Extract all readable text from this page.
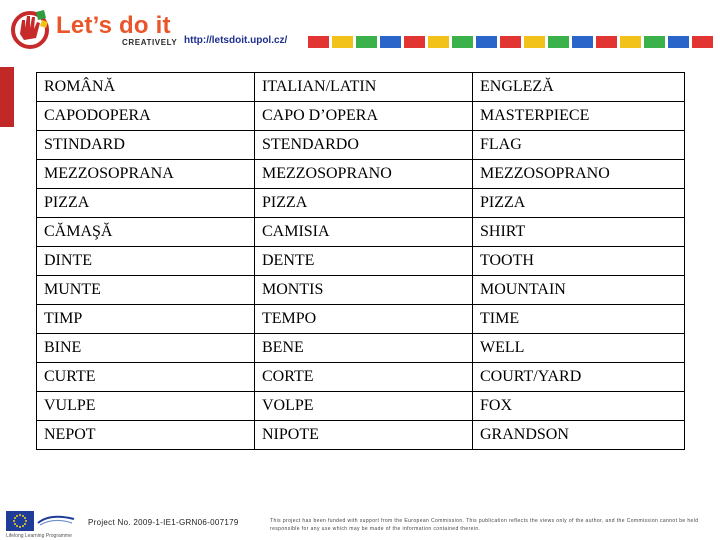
Let’s do it
CREATIVELY http://letsdoit.upol.cz/
ROMÂNĂ	ITALIAN/LATIN	ENGLEZĂ
CAPODOPERA	CAPO D’OPERA	MASTERPIECE
STINDARD	STENDARDO	FLAG
MEZZOSOPRANA	MEZZOSOPRANO	MEZZOSOPRANO
PIZZA	PIZZA	PIZZA
CĂMAŞĂ	CAMISIA	SHIRT
DINTE	DENTE	TOOTH
MUNTE	MONTIS	MOUNTAIN
TIMP	TEMPO	TIME
BINE	BENE	WELL
CURTE	CORTE	COURT/YARD
VULPE	VOLPE	FOX
NEPOT	NIPOTE	GRANDSON
Lifelong Learning Programme
Project No. 2009-1-IE1-GRN06-007179	This project has been funded with support from the European Commission. This publication reflects the views only of the author, and the Commission cannot be held responsible for any use which may be made of the information contained therein.
